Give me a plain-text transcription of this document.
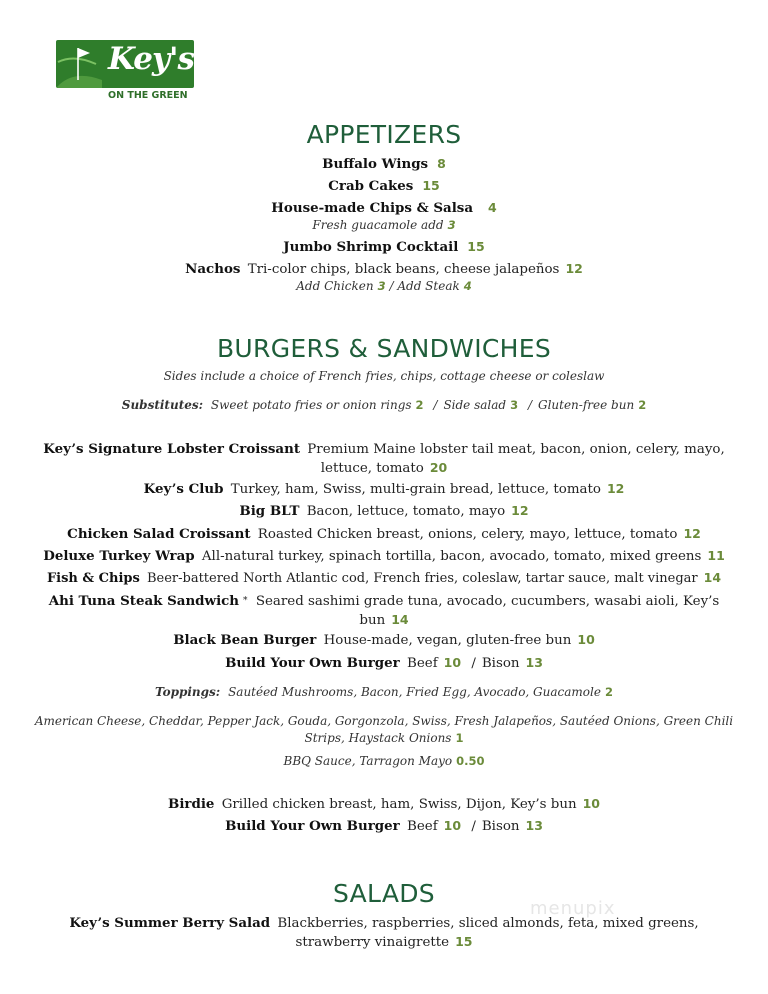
Key's
ON THE GREEN
APPETIZERS
Buffalo Wings 8
Crab Cakes 15
House-made Chips & Salsa 4
Fresh guacamole add 3
Jumbo Shrimp Cocktail 15
Nachos Tri-color chips, black beans, cheese jalapeños 12
Add Chicken 3 / Add Steak 4
BURGERS & SANDWICHES
Sides include a choice of French fries, chips, cottage cheese or coleslaw
Substitutes: Sweet potato fries or onion rings 2 / Side salad 3 / Gluten-free bun 2
Key’s Signature Lobster Croissant Premium Maine lobster tail meat, bacon, onion, celery, mayo, lettuce, tomato 20
Key’s Club Turkey, ham, Swiss, multi-grain bread, lettuce, tomato 12
Big BLT Bacon, lettuce, tomato, mayo 12
Chicken Salad Croissant Roasted Chicken breast, onions, celery, mayo, lettuce, tomato 12
Deluxe Turkey Wrap All-natural turkey, spinach tortilla, bacon, avocado, tomato, mixed greens 11
Fish & Chips Beer-battered North Atlantic cod, French fries, coleslaw, tartar sauce, malt vinegar 14
Ahi Tuna Steak Sandwich * Seared sashimi grade tuna, avocado, cucumbers, wasabi aioli, Key’s bun 14
Black Bean Burger House-made, vegan, gluten-free bun 10
Build Your Own Burger Beef 10 / Bison 13
Toppings: Sautéed Mushrooms, Bacon, Fried Egg, Avocado, Guacamole 2
American Cheese, Cheddar, Pepper Jack, Gouda, Gorgonzola, Swiss, Fresh Jalapeños, Sautéed Onions, Green Chili Strips, Haystack Onions 1
BBQ Sauce, Tarragon Mayo 0.50
Birdie Grilled chicken breast, ham, Swiss, Dijon, Key’s bun 10
Build Your Own Burger Beef 10 / Bison 13
SALADS
menupix
Key’s Summer Berry Salad Blackberries, raspberries, sliced almonds, feta, mixed greens, strawberry vinaigrette 15
